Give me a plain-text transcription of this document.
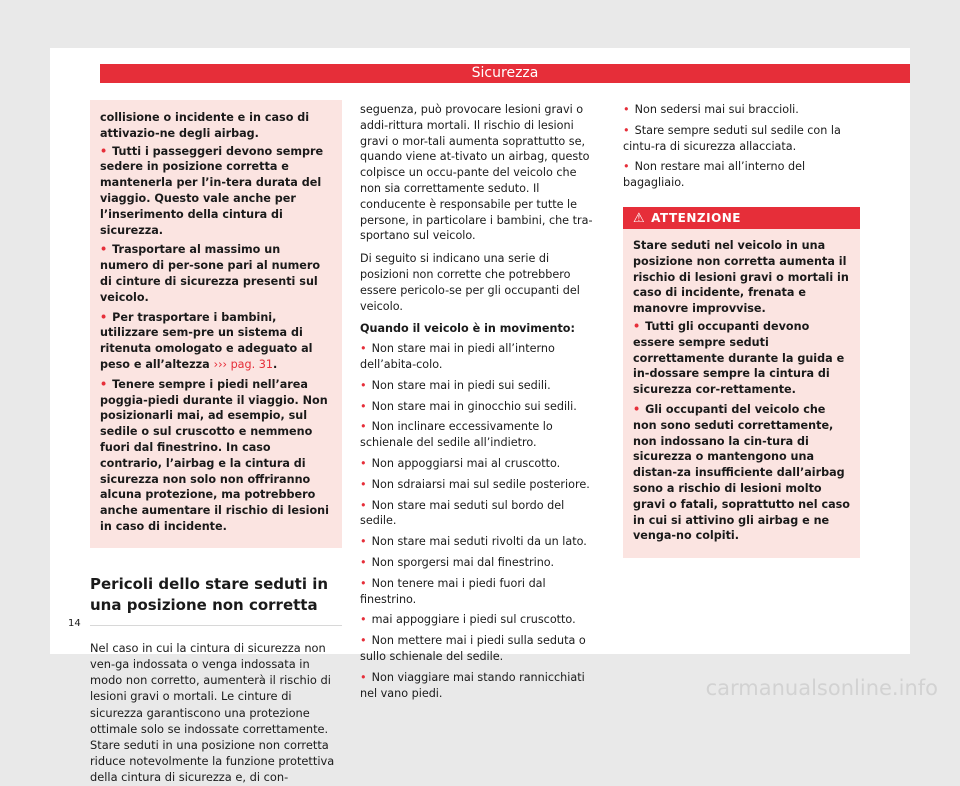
Sicurezza

collisione o incidente e in caso di attivazio-ne degli airbag.

• Tutti i passeggeri devono sempre sedere in posizione corretta e mantenerla per l’in-tera durata del viaggio. Questo vale anche per l’inserimento della cintura di sicurezza.
• Trasportare al massimo un numero di per-sone pari al numero di cinture di sicurezza presenti sul veicolo.
• Per trasportare i bambini, utilizzare sem-pre un sistema di ritenuta omologato e adeguato al peso e all’altezza ››› pag. 31.
• Tenere sempre i piedi nell’area poggia-piedi durante il viaggio. Non posizionarli mai, ad esempio, sul sedile o sul cruscotto e nemmeno fuori dal finestrino. In caso contrario, l’airbag e la cintura di sicurezza non solo non offriranno alcuna protezione, ma potrebbero anche aumentare il rischio di lesioni in caso di incidente.
Pericoli dello stare seduti in una posizione non corretta
Nel caso in cui la cintura di sicurezza non ven-ga indossata o venga indossata in modo non corretto, aumenterà il rischio di lesioni gravi o mortali. Le cinture di sicurezza garantiscono una protezione ottimale solo se indossate correttamente. Stare seduti in una posizione non corretta riduce notevolmente la funzione protettiva della cintura di sicurezza e, di con-

seguenza, può provocare lesioni gravi o addi-rittura mortali. Il rischio di lesioni gravi o mor-tali aumenta soprattutto se, quando viene at-tivato un airbag, questo colpisce un occu-pante del veicolo che non sia correttamente seduto. Il conducente è responsabile per tutte le persone, in particolare i bambini, che tra-sportano sul veicolo.

Di seguito si indicano una serie di posizioni non corrette che potrebbero essere pericolo-se per gli occupanti del veicolo.

Quando il veicolo è in movimento:
• Non stare mai in piedi all’interno dell’abita-colo.
• Non stare mai in piedi sui sedili.
• Non stare mai in ginocchio sui sedili.
• Non inclinare eccessivamente lo schienale del sedile all’indietro.
• Non appoggiarsi mai al cruscotto.
• Non sdraiarsi mai sul sedile posteriore.
• Non stare mai seduti sul bordo del sedile.
• Non stare mai seduti rivolti da un lato.
• Non sporgersi mai dal finestrino.
• Non tenere mai i piedi fuori dal finestrino.
• mai appoggiare i piedi sul cruscotto.
• Non mettere mai i piedi sulla seduta o sullo schienale del sedile.
• Non viaggiare mai stando rannicchiati nel vano piedi.
• Non sedersi mai sui braccioli.
• Stare sempre seduti sul sedile con la cintu-ra di sicurezza allacciata.
• Non restare mai all’interno del bagagliaio.
⚠ ATTENZIONE

Stare seduti nel veicolo in una posizione non corretta aumenta il rischio di lesioni gravi o mortali in caso di incidente, frenata e manovre improvvise.

• Tutti gli occupanti devono essere sempre seduti correttamente durante la guida e in-dossare sempre la cintura di sicurezza cor-rettamente.
• Gli occupanti del veicolo che non sono seduti correttamente, non indossano la cin-tura di sicurezza o mantengono una distan-za insufficiente dall’airbag sono a rischio di lesioni molto gravi o fatali, soprattutto nel caso in cui si attivino gli airbag e ne venga-no colpiti.
14
carmanualsonline.info
